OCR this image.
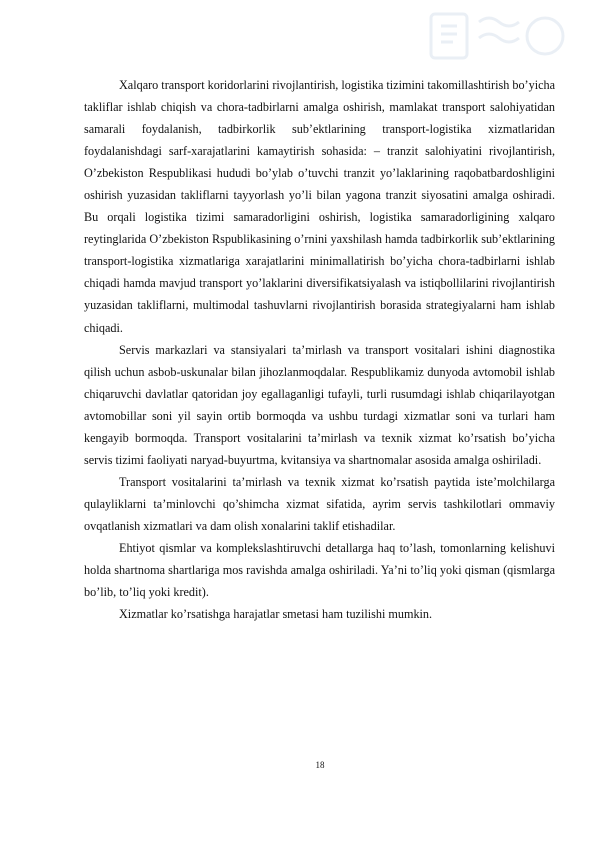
Xalqaro transport koridorlarini rivojlantirish, logistika tizimini takomillashtirish bo’yicha takliflar ishlab chiqish va chora-tadbirlarni amalga oshirish, mamlakat transport salohiyatidan samarali foydalanish, tadbirkorlik sub’ektlarining transport-logistika xizmatlaridan foydalanishdagi sarf-xarajatlarini kamaytirish sohasida: – tranzit salohiyatini rivojlantirish, O’zbekiston Respublikasi hududi bo’ylab o’tuvchi tranzit yo’laklarining raqobatbardoshligini oshirish yuzasidan takliflarni tayyorlash yo’li bilan yagona tranzit siyosatini amalga oshiradi. Bu orqali logistika tizimi samaradorligini oshirish, logistika samaradorligining xalqaro reytinglarida O’zbekiston Rspublikasining o’rnini yaxshilash hamda tadbirkorlik sub’ektlarining transport-logistika xizmatlariga xarajatlarini minimallatirish bo’yicha chora-tadbirlarni ishlab chiqadi hamda mavjud transport yo’laklarini diversifikatsiyalash va istiqbollilarini rivojlantirish yuzasidan takliflarni, multimodal tashuvlarni rivojlantirish borasida strategiyalarni ham ishlab chiqadi.

Servis markazlari va stansiyalari ta’mirlash va transport vositalari ishini diagnostika qilish uchun asbob-uskunalar bilan jihozlanmoqdalar. Respublikamiz dunyoda avtomobil ishlab chiqaruvchi davlatlar qatoridan joy egallaganligi tufayli, turli rusumdagi ishlab chiqarilayotgan avtomobillar soni yil sayin ortib bormoqda va ushbu turdagi xizmatlar soni va turlari ham kengayib bormoqda. Transport vositalarini ta’mirlash va texnik xizmat ko’rsatish bo’yicha servis tizimi faoliyati naryad-buyurtma, kvitansiya va shartnomalar asosida amalga oshiriladi.

Transport vositalarini ta’mirlash va texnik xizmat ko’rsatish paytida iste’molchilarga qulayliklarni ta’minlovchi qo’shimcha xizmat sifatida, ayrim servis tashkilotlari ommaviy ovqatlanish xizmatlari va dam olish xonalarini taklif etishadilar.

Ehtiyot qismlar va komplekslashtiruvchi detallarga haq to’lash, tomonlarning kelishuvi holda shartnoma shartlariga mos ravishda amalga oshiriladi. Ya’ni to’liq yoki qisman (qismlarga bo’lib, to’liq yoki kredit).

Xizmatlar ko’rsatishga harajatlar smetasi ham tuzilishi mumkin.

18
